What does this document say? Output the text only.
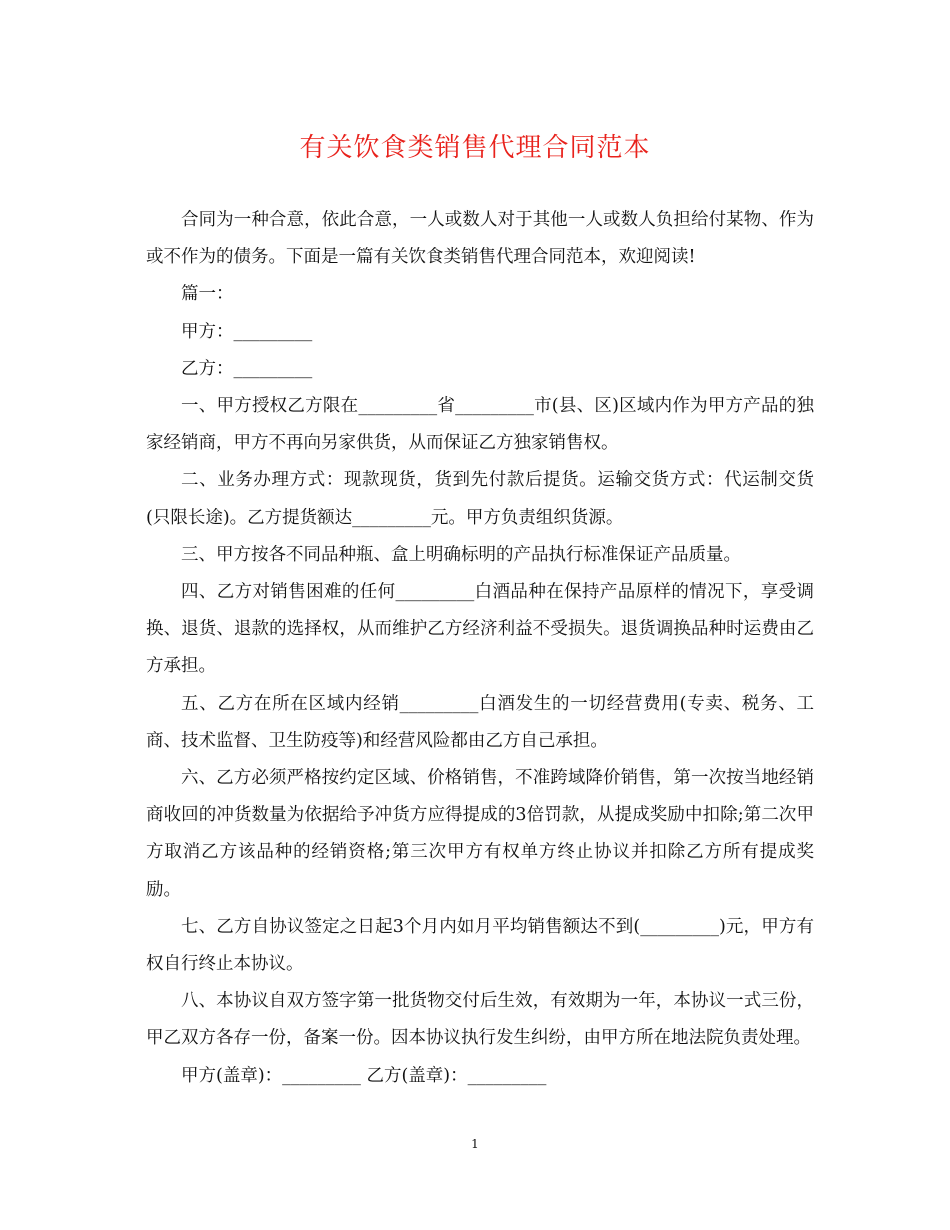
有关饮食类销售代理合同范本

合同为一种合意，依此合意，一人或数人对于其他一人或数人负担给付某物、作为或不作为的债务。下面是一篇有关饮食类销售代理合同范本，欢迎阅读!

篇一：

甲方：_________

乙方：_________

一、甲方授权乙方限在_________省_________市(县、区)区域内作为甲方产品的独家经销商，甲方不再向另家供货，从而保证乙方独家销售权。

二、业务办理方式：现款现货，货到先付款后提货。运输交货方式：代运制交货(只限长途)。乙方提货额达_________元。甲方负责组织货源。

三、甲方按各不同品种瓶、盒上明确标明的产品执行标准保证产品质量。

四、乙方对销售困难的任何_________白酒品种在保持产品原样的情况下，享受调换、退货、退款的选择权，从而维护乙方经济利益不受损失。退货调换品种时运费由乙方承担。

五、乙方在所在区域内经销_________白酒发生的一切经营费用(专卖、税务、工商、技术监督、卫生防疫等)和经营风险都由乙方自己承担。

六、乙方必须严格按约定区域、价格销售，不准跨域降价销售，第一次按当地经销商收回的冲货数量为依据给予冲货方应得提成的3倍罚款，从提成奖励中扣除;第二次甲方取消乙方该品种的经销资格;第三次甲方有权单方终止协议并扣除乙方所有提成奖励。

七、乙方自协议签定之日起3个月内如月平均销售额达不到(_________)元，甲方有权自行终止本协议。

八、本协议自双方签字第一批货物交付后生效，有效期为一年，本协议一式三份，甲乙双方各存一份，备案一份。因本协议执行发生纠纷，由甲方所在地法院负责处理。

甲方(盖章)：_________ 乙方(盖章)：_________

1
